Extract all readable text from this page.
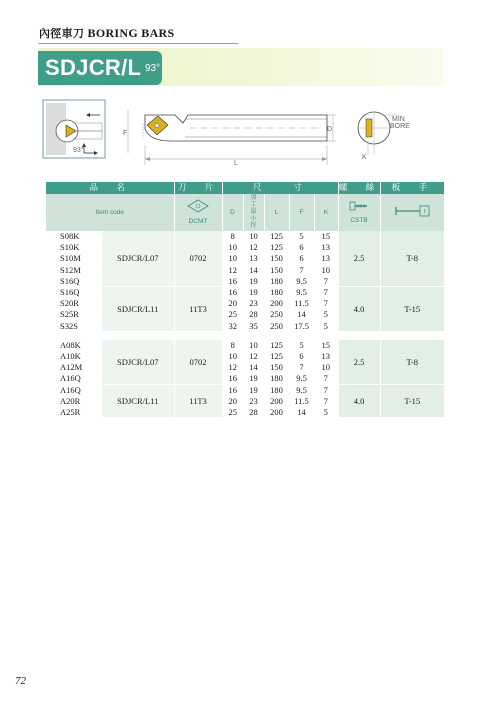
內徑車刀 BORING BARS
SDJCR/L 93°
93°
F
D
L
MIN
BORE
K
品　名		刀　片	尺　　寸					螺　絲	板　手
Item code		DCMT	D	加工最小徑	L	F	K	CSTB	
S08K	SDJCR/L07	0702	8	10	125	5	15	2.5	T-8
S10K			10	12	125	6	13		
S10M			10	13	150	6	13		
S12M			12	14	150	7	10		
S16Q			16	19	180	9.5	7		
S16Q	SDJCR/L11	11T3	16	19	180	9.5	7	4.0	T-15
S20R			20	23	200	11.5	7		
S25R			25	28	250	14	5		
S32S			32	35	250	17.5	5		

A08K	SDJCR/L07	0702	8	10	125	5	15	2.5	T-8
A10K			10	12	125	6	13		
A12M			12	14	150	7	10		
A16Q			16	19	180	9.5	7		
A16Q	SDJCR/L11	11T3	16	19	180	9.5	7	4.0	T-15
A20R			20	23	200	11.5	7		
A25R			25	28	200	14	5		
72
